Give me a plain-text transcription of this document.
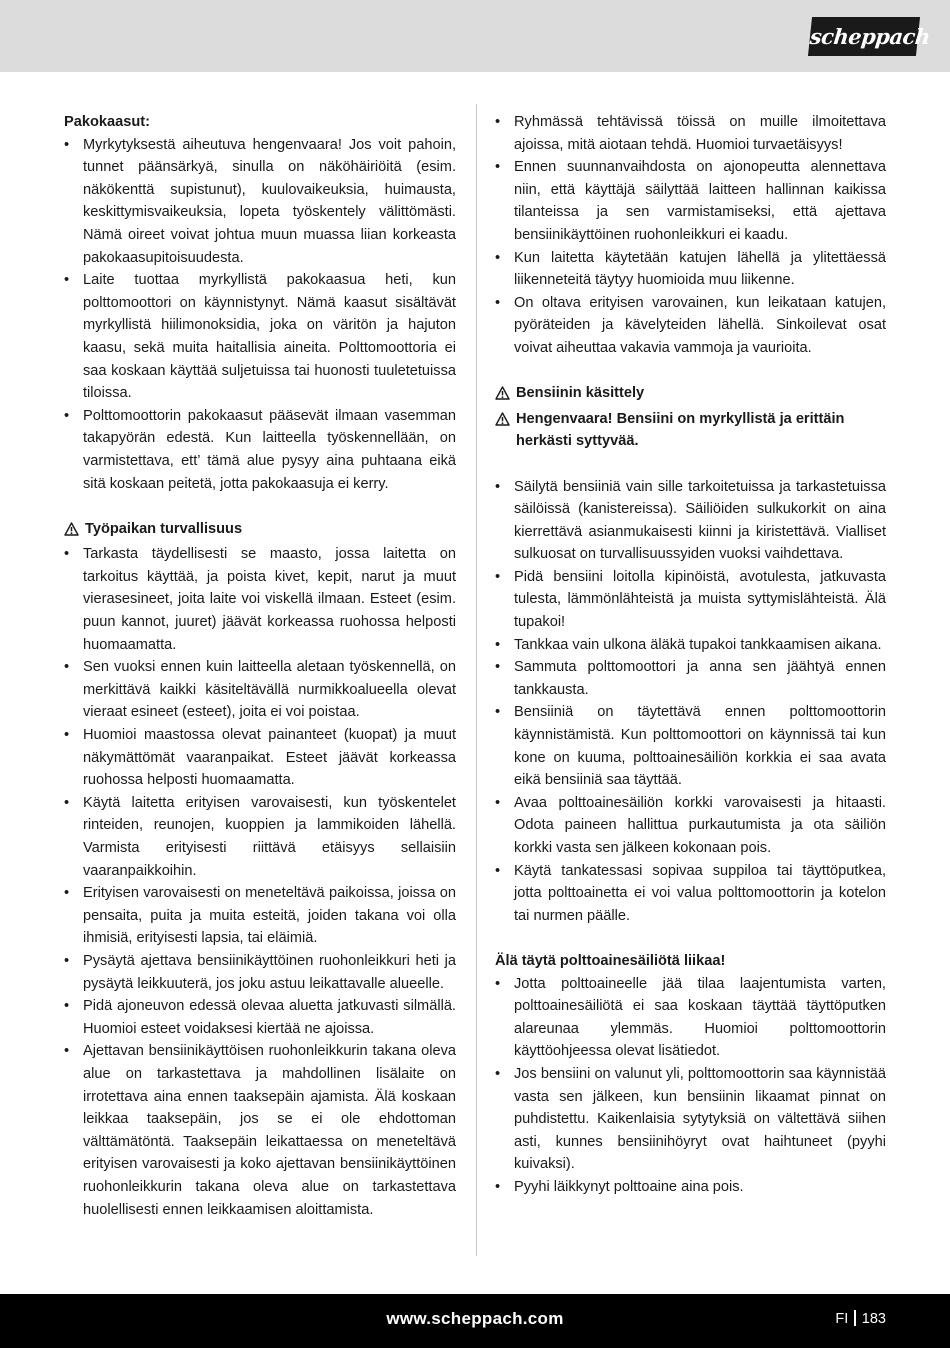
scheppach
Pakokaasut:
• Myrkytyksestä aiheutuva hengenvaara! Jos voit pahoin, tunnet päänsärkyä, sinulla on näköhäiriöitä (esim. näkökenttä supistunut), kuulovaikeuksia, huimausta, keskittymisvaikeuksia, lopeta työskentely välittömästi. Nämä oireet voivat johtua muun muassa liian korkeasta pakokaasupitoisuudesta.
• Laite tuottaa myrkyllistä pakokaasua heti, kun polttomoottori on käynnistynyt. Nämä kaasut sisältävät myrkyllistä hiilimonoksidia, joka on väritön ja hajuton kaasu, sekä muita haitallisia aineita. Polttomoottoria ei saa koskaan käyttää suljetuissa tai huonosti tuuletetuissa tiloissa.
• Polttomoottorin pakokaasut pääsevät ilmaan vasemman takapyörän edestä. Kun laitteella työskennellään, on varmistettava, ett’ tämä alue pysyy aina puhtaana eikä sitä koskaan peitetä, jotta pakokaasuja ei kerry.
Työpaikan turvallisuus
• Tarkasta täydellisesti se maasto, jossa laitetta on tarkoitus käyttää, ja poista kivet, kepit, narut ja muut vierasesineet, joita laite voi viskellä ilmaan. Esteet (esim. puun kannot, juuret) jäävät korkeassa ruohossa helposti huomaamatta.
• Sen vuoksi ennen kuin laitteella aletaan työskennellä, on merkittävä kaikki käsiteltävällä nurmikkoalueella olevat vieraat esineet (esteet), joita ei voi poistaa.
• Huomioi maastossa olevat painanteet (kuopat) ja muut näkymättömät vaaranpaikat. Esteet jäävät korkeassa ruohossa helposti huomaamatta.
• Käytä laitetta erityisen varovaisesti, kun työskentelet rinteiden, reunojen, kuoppien ja lammikoiden lähellä. Varmista erityisesti riittävä etäisyys sellaisiin vaaranpaikkoihin.
• Erityisen varovaisesti on meneteltävä paikoissa, joissa on pensaita, puita ja muita esteitä, joiden takana voi olla ihmisiä, erityisesti lapsia, tai eläimiä.
• Pysäytä ajettava bensiinikäyttöinen ruohonleikkuri heti ja pysäytä leikkuuterä, jos joku astuu leikattavalle alueelle.
• Pidä ajoneuvon edessä olevaa aluetta jatkuvasti silmällä. Huomioi esteet voidaksesi kiertää ne ajoissa.
• Ajettavan bensiinikäyttöisen ruohonleikkurin takana oleva alue on tarkastettava ja mahdollinen lisälaite on irrotettava aina ennen taaksepäin ajamista. Älä koskaan leikkaa taaksepäin, jos se ei ole ehdottoman välttämätöntä. Taaksepäin leikattaessa on meneteltävä erityisen varovaisesti ja koko ajettavan bensiinikäyttöinen ruohonleikkurin takana oleva alue on tarkastettava huolellisesti ennen leikkaamisen aloittamista.
• Ryhmässä tehtävissä töissä on muille ilmoitettava ajoissa, mitä aiotaan tehdä. Huomioi turvaetäisyys!
• Ennen suunnanvaihdosta on ajonopeutta alennettava niin, että käyttäjä säilyttää laitteen hallinnan kaikissa tilanteissa ja sen varmistamiseksi, että ajettava bensiinikäyttöinen ruohonleikkuri ei kaadu.
• Kun laitetta käytetään katujen lähellä ja ylitettäessä liikenneteitä täytyy huomioida muu liikenne.
• On oltava erityisen varovainen, kun leikataan katujen, pyöräteiden ja kävelyteiden lähellä. Sinkoilevat osat voivat aiheuttaa vakavia vammoja ja vaurioita.
Bensiinin käsittely
Hengenvaara! Bensiini on myrkyllistä ja erittäin herkästi syttyvää.
• Säilytä bensiiniä vain sille tarkoitetuissa ja tarkastetuissa säilöissä (kanistereissa). Säiliöiden sulkukorkit on aina kierrettävä asianmukaisesti kiinni ja kiristettävä. Vialliset sulkuosat on turvallisuussyiden vuoksi vaihdettava.
• Pidä bensiini loitolla kipinöistä, avotulesta, jatkuvasta tulesta, lämmönlähteistä ja muista syttymislähteistä. Älä tupakoi!
• Tankkaa vain ulkona äläkä tupakoi tankkaamisen aikana.
• Sammuta polttomoottori ja anna sen jäähtyä ennen tankkausta.
• Bensiiniä on täytettävä ennen polttomoottorin käynnistämistä. Kun polttomoottori on käynnissä tai kun kone on kuuma, polttoainesäiliön korkkia ei saa avata eikä bensiiniä saa täyttää.
• Avaa polttoainesäiliön korkki varovaisesti ja hitaasti. Odota paineen hallittua purkautumista ja ota säiliön korkki vasta sen jälkeen kokonaan pois.
• Käytä tankatessasi sopivaa suppiloa tai täyttöputkea, jotta polttoainetta ei voi valua polttomoottorin ja kotelon tai nurmen päälle.
Älä täytä polttoainesäiliötä liikaa!
• Jotta polttoaineelle jää tilaa laajentumista varten, polttoainesäiliötä ei saa koskaan täyttää täyttöputken alareunaa ylemmäs. Huomioi polttomoottorin käyttöohjeessa olevat lisätiedot.
• Jos bensiini on valunut yli, polttomoottorin saa käynnistää vasta sen jälkeen, kun bensiinin likaamat pinnat on puhdistettu. Kaikenlaisia sytytyksiä on vältettävä siihen asti, kunnes bensiinihöyryt ovat haihtuneet (pyyhi kuivaksi).
• Pyyhi läikkynyt polttoaine aina pois.
www.scheppach.com	FI 183
